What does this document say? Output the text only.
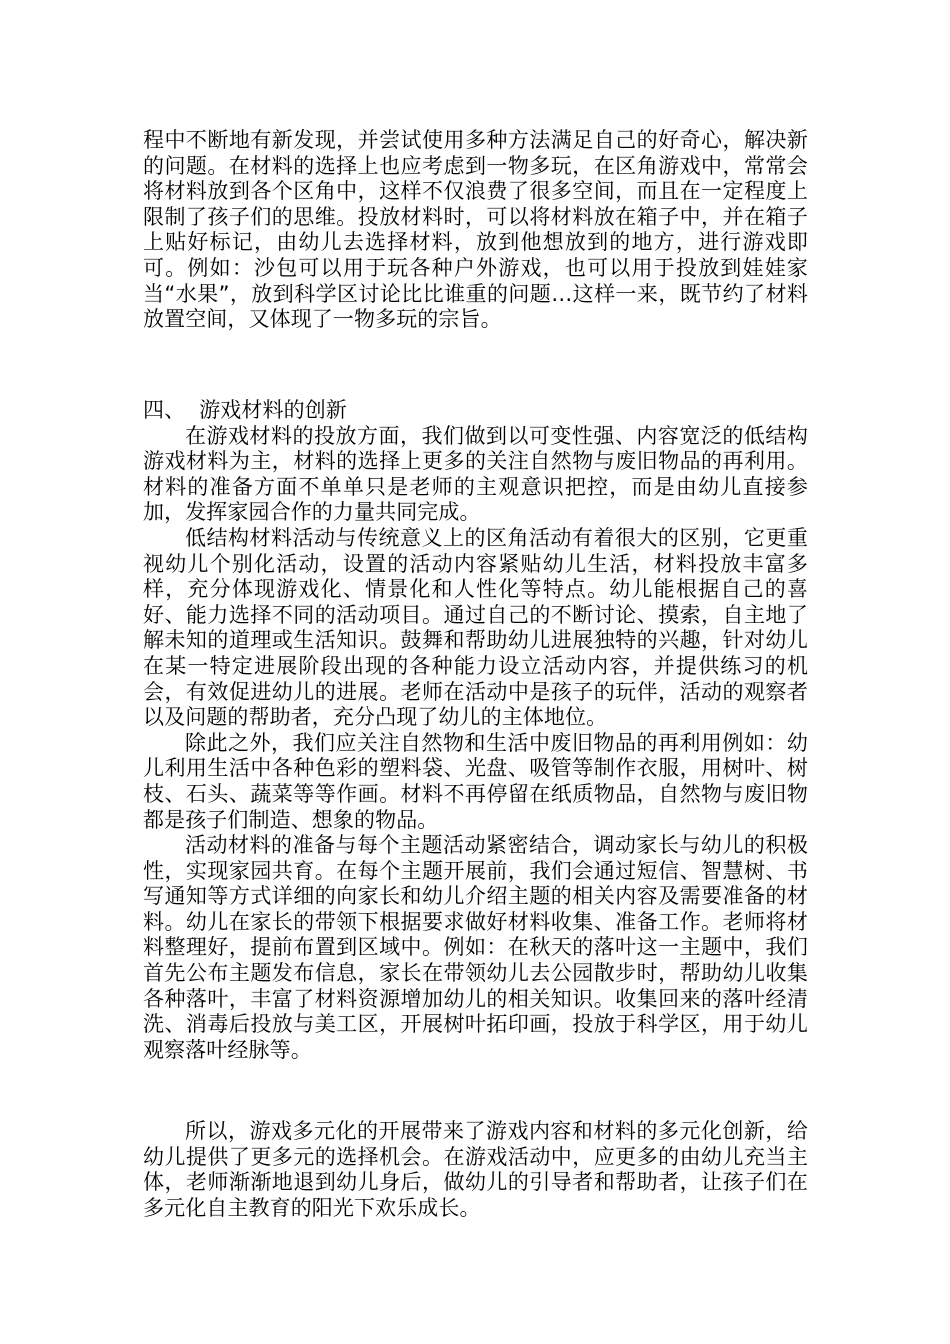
程中不断地有新发现，并尝试使用多种方法满足自己的好奇心，解决新的问题。在材料的选择上也应考虑到一物多玩，在区角游戏中，常常会将材料放到各个区角中，这样不仅浪费了很多空间，而且在一定程度上限制了孩子们的思维。投放材料时，可以将材料放在箱子中，并在箱子上贴好标记，由幼儿去选择材料，放到他想放到的地方，进行游戏即可。例如：沙包可以用于玩各种户外游戏，也可以用于投放到娃娃家当“水果”，放到科学区讨论比比谁重的问题…这样一来，既节约了材料放置空间，又体现了一物多玩的宗旨。

四、 游戏材料的创新

在游戏材料的投放方面，我们做到以可变性强、内容宽泛的低结构游戏材料为主，材料的选择上更多的关注自然物与废旧物品的再利用。材料的准备方面不单单只是老师的主观意识把控，而是由幼儿直接参加，发挥家园合作的力量共同完成。

低结构材料活动与传统意义上的区角活动有着很大的区别，它更重视幼儿个别化活动，设置的活动内容紧贴幼儿生活，材料投放丰富多样，充分体现游戏化、情景化和人性化等特点。幼儿能根据自己的喜好、能力选择不同的活动项目。通过自己的不断讨论、摸索，自主地了解未知的道理或生活知识。鼓舞和帮助幼儿进展独特的兴趣，针对幼儿在某一特定进展阶段出现的各种能力设立活动内容，并提供练习的机会，有效促进幼儿的进展。老师在活动中是孩子的玩伴，活动的观察者以及问题的帮助者，充分凸现了幼儿的主体地位。

除此之外，我们应关注自然物和生活中废旧物品的再利用例如：幼儿利用生活中各种色彩的塑料袋、光盘、吸管等制作衣服，用树叶、树枝、石头、蔬菜等等作画。材料不再停留在纸质物品，自然物与废旧物都是孩子们制造、想象的物品。

活动材料的准备与每个主题活动紧密结合，调动家长与幼儿的积极性，实现家园共育。在每个主题开展前，我们会通过短信、智慧树、书写通知等方式详细的向家长和幼儿介绍主题的相关内容及需要准备的材料。幼儿在家长的带领下根据要求做好材料收集、准备工作。老师将材料整理好，提前布置到区域中。例如：在秋天的落叶这一主题中，我们首先公布主题发布信息，家长在带领幼儿去公园散步时，帮助幼儿收集各种落叶，丰富了材料资源增加幼儿的相关知识。收集回来的落叶经清洗、消毒后投放与美工区，开展树叶拓印画，投放于科学区，用于幼儿观察落叶经脉等。

所以，游戏多元化的开展带来了游戏内容和材料的多元化创新，给幼儿提供了更多元的选择机会。在游戏活动中，应更多的由幼儿充当主体，老师渐渐地退到幼儿身后，做幼儿的引导者和帮助者，让孩子们在多元化自主教育的阳光下欢乐成长。
